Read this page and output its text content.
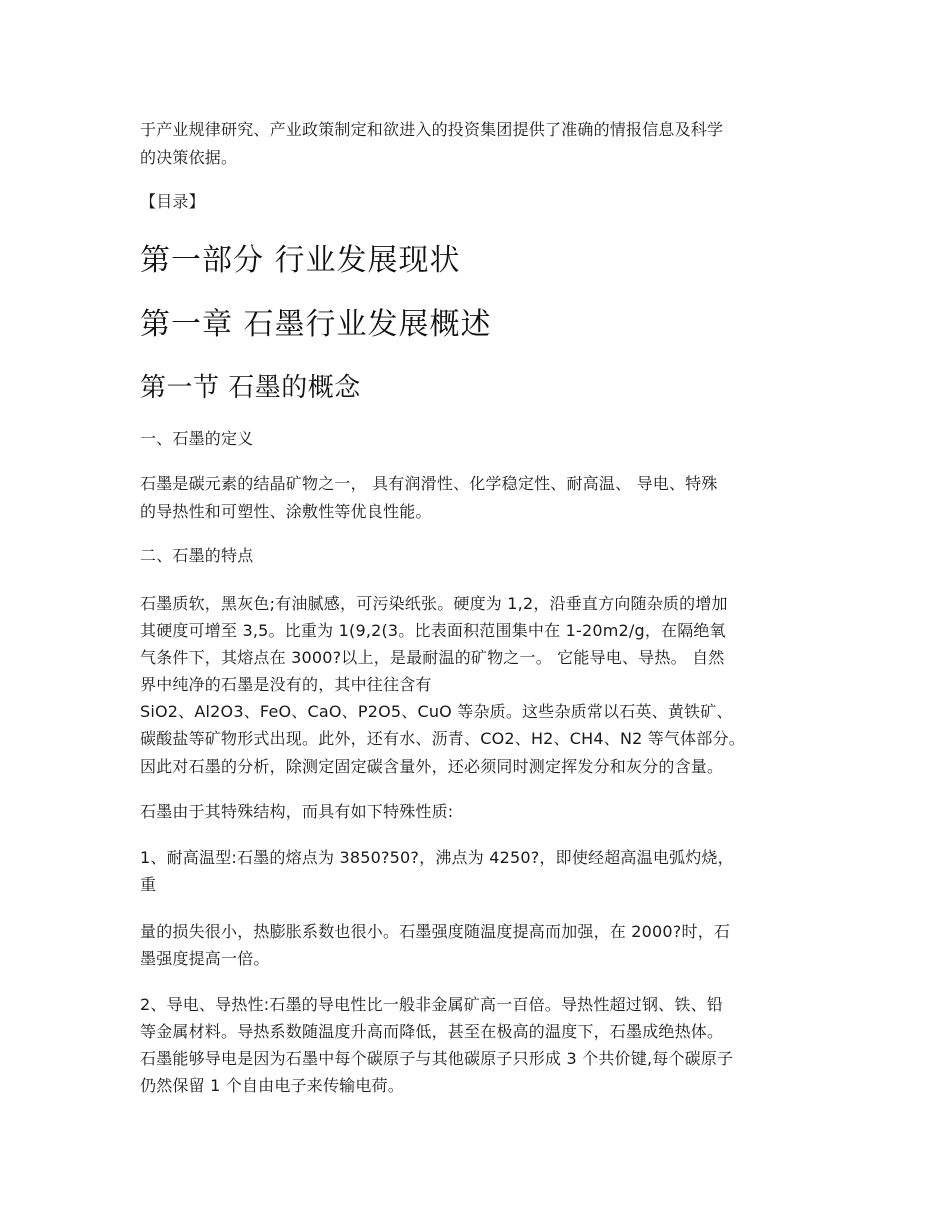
于产业规律研究、产业政策制定和欲进入的投资集团提供了准确的情报信息及科学
的决策依据。
【目录】
第一部分 行业发展现状
第一章 石墨行业发展概述
第一节 石墨的概念
一、石墨的定义
石墨是碳元素的结晶矿物之一， 具有润滑性、化学稳定性、耐高温、 导电、特殊
的导热性和可塑性、涂敷性等优良性能。
二、石墨的特点
石墨质软，黑灰色;有油腻感，可污染纸张。硬度为 1,2，沿垂直方向随杂质的增加
其硬度可增至 3,5。比重为 1(9,2(3。比表面积范围集中在 1-20m2/g，在隔绝氧
气条件下，其熔点在 3000?以上，是最耐温的矿物之一。 它能导电、导热。 自然
界中纯净的石墨是没有的，其中往往含有
SiO2、Al2O3、FeO、CaO、P2O5、CuO 等杂质。这些杂质常以石英、黄铁矿、
碳酸盐等矿物形式出现。此外，还有水、沥青、CO2、H2、CH4、N2 等气体部分。
因此对石墨的分析，除测定固定碳含量外，还必须同时测定挥发分和灰分的含量。
石墨由于其特殊结构，而具有如下特殊性质:
1、耐高温型:石墨的熔点为 3850?50?，沸点为 4250?，即使经超高温电弧灼烧，
重
量的损失很小，热膨胀系数也很小。石墨强度随温度提高而加强，在 2000?时，石
墨强度提高一倍。
2、导电、导热性:石墨的导电性比一般非金属矿高一百倍。导热性超过钢、铁、铅
等金属材料。导热系数随温度升高而降低，甚至在极高的温度下，石墨成绝热体。
石墨能够导电是因为石墨中每个碳原子与其他碳原子只形成 3 个共价键,每个碳原子
仍然保留 1 个自由电子来传输电荷。
